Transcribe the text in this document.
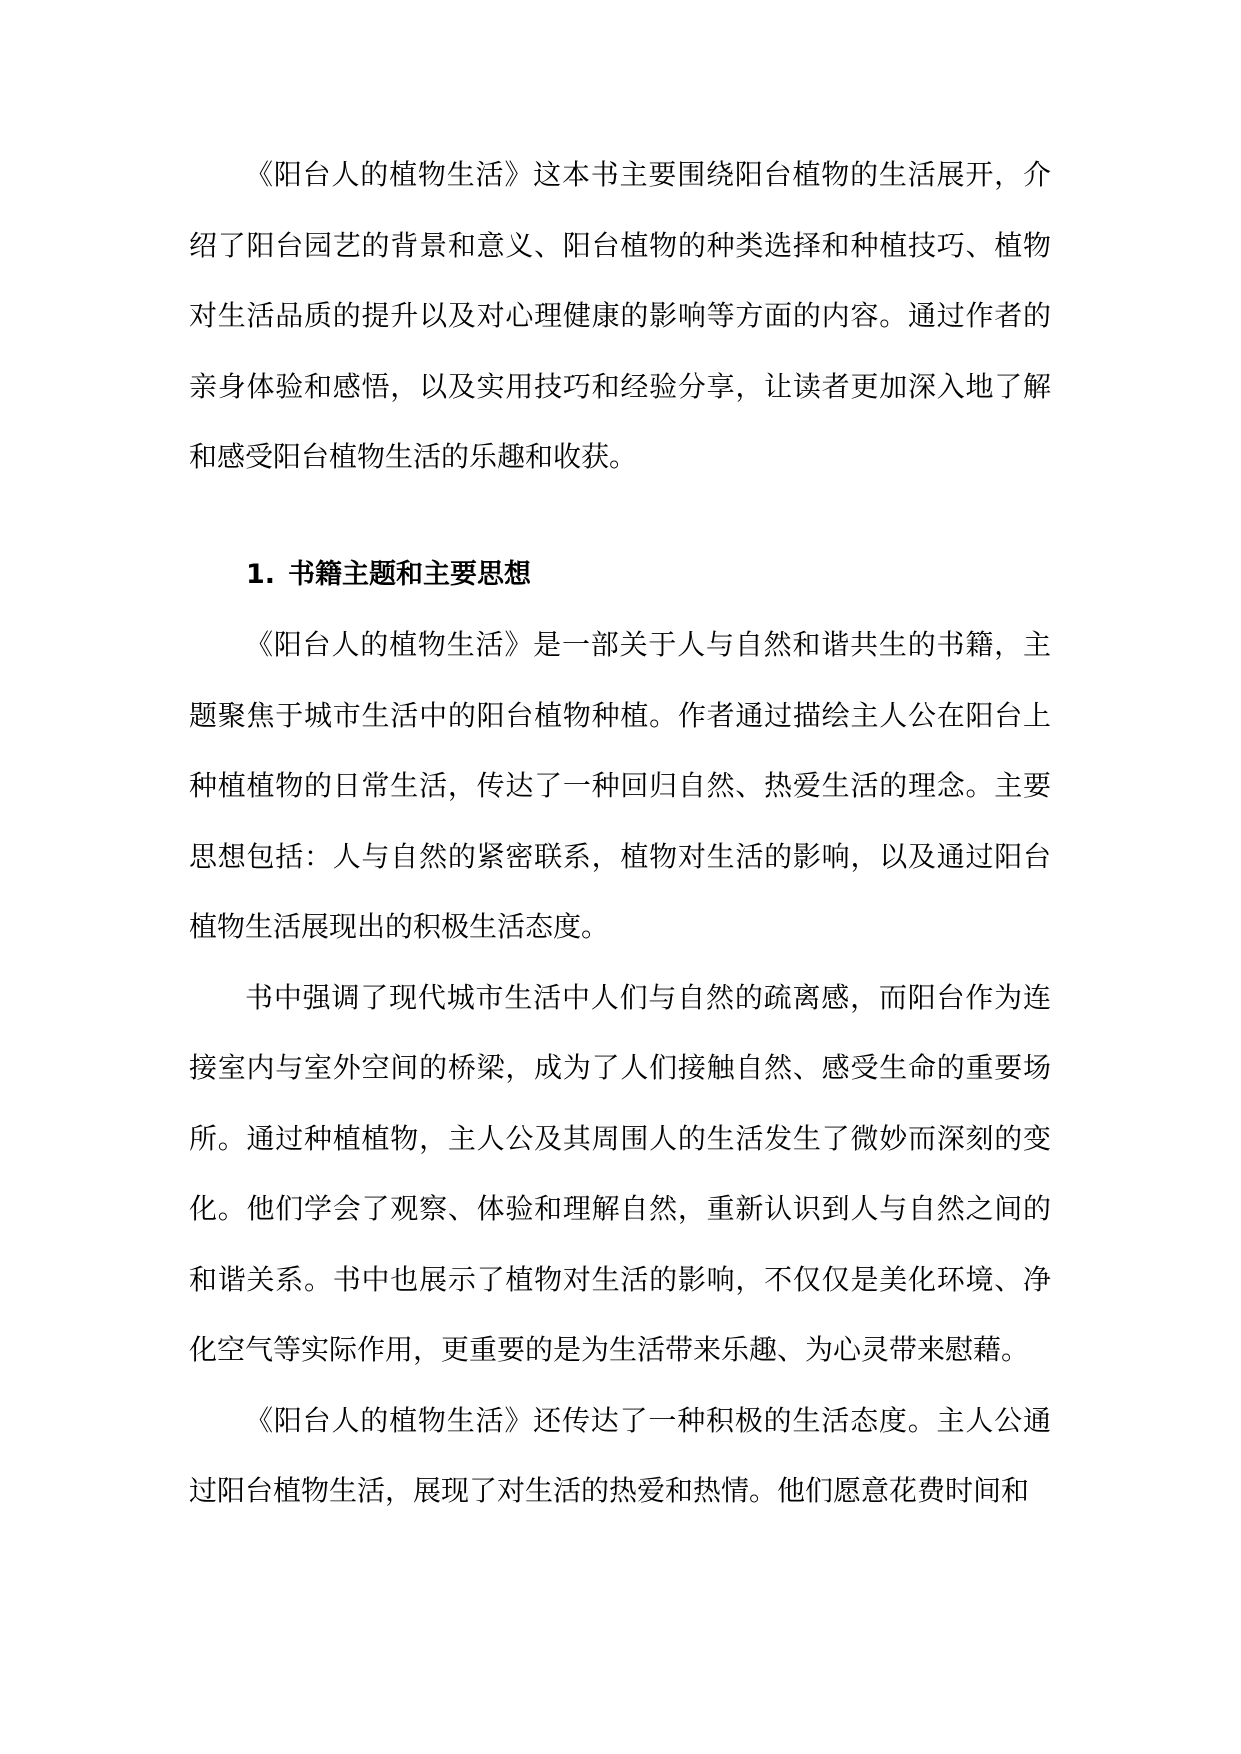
《阳台人的植物生活》这本书主要围绕阳台植物的生活展开，介绍了阳台园艺的背景和意义、阳台植物的种类选择和种植技巧、植物对生活品质的提升以及对心理健康的影响等方面的内容。通过作者的亲身体验和感悟，以及实用技巧和经验分享，让读者更加深入地了解和感受阳台植物生活的乐趣和收获。

1. 书籍主题和主要思想

《阳台人的植物生活》是一部关于人与自然和谐共生的书籍，主题聚焦于城市生活中的阳台植物种植。作者通过描绘主人公在阳台上种植植物的日常生活，传达了一种回归自然、热爱生活的理念。主要思想包括：人与自然的紧密联系，植物对生活的影响，以及通过阳台植物生活展现出的积极生活态度。

书中强调了现代城市生活中人们与自然的疏离感，而阳台作为连接室内与室外空间的桥梁，成为了人们接触自然、感受生命的重要场所。通过种植植物，主人公及其周围人的生活发生了微妙而深刻的变化。他们学会了观察、体验和理解自然，重新认识到人与自然之间的和谐关系。书中也展示了植物对生活的影响，不仅仅是美化环境、净化空气等实际作用，更重要的是为生活带来乐趣、为心灵带来慰藉。

《阳台人的植物生活》还传达了一种积极的生活态度。主人公通过阳台植物生活，展现了对生活的热爱和热情。他们愿意花费时间和
